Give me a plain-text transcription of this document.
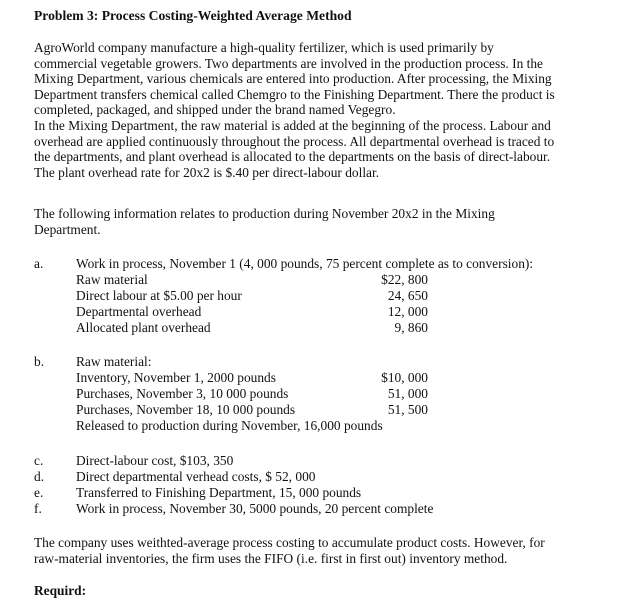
Problem 3: Process Costing-Weighted Average Method
AgroWorld company manufacture a high-quality fertilizer, which is used primarily by
commercial vegetable growers. Two departments are involved in the production process. In the
Mixing Department, various chemicals are entered into production. After processing, the Mixing
Department transfers chemical called Chemgro to the Finishing Department. There the product is
completed, packaged, and shipped under the brand named Vegegro.
In the Mixing Department, the raw material is added at the beginning of the process. Labour and
overhead are applied continuously throughout the process. All departmental overhead is traced to
the departments, and plant overhead is allocated to the departments on the basis of direct-labour.
The plant overhead rate for 20x2 is $.40 per direct-labour dollar.
The following information relates to production during November 20x2 in the Mixing
Department.
a. Work in process, November 1 (4, 000 pounds, 75 percent complete as to conversion):
Raw material	$22, 800
Direct labour at $5.00 per hour	24, 650
Departmental overhead	12, 000
Allocated plant overhead	9, 860
b. Raw material:
Inventory, November 1, 2000 pounds	$10, 000
Purchases, November 3, 10 000 pounds	51, 000
Purchases, November 18, 10 000 pounds	51, 500
Released to production during November, 16,000 pounds
c. Direct-labour cost, $103, 350
d. Direct departmental verhead costs, $ 52, 000
e. Transferred to Finishing Department, 15, 000 pounds
f.	Work in process, November 30, 5000 pounds, 20 percent complete
The company uses weithted-average process costing to accumulate product costs. However, for
raw-material inventories, the firm uses the FIFO (i.e. first in first out) inventory method.
Requird:
